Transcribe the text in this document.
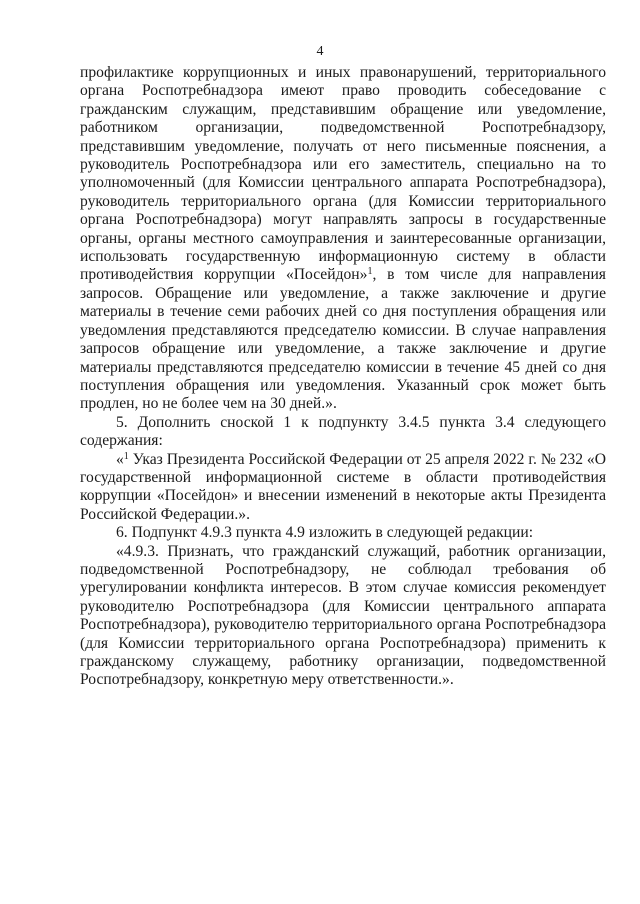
4

профилактике коррупционных и иных правонарушений, территориального органа Роспотребнадзора имеют право проводить собеседование с гражданским служащим, представившим обращение или уведомление, работником организации, подведомственной Роспотребнадзору, представившим уведомление, получать от него письменные пояснения, а руководитель Роспотребнадзора или его заместитель, специально на то уполномоченный (для Комиссии центрального аппарата Роспотребнадзора), руководитель территориального органа (для Комиссии территориального органа Роспотребнадзора) могут направлять запросы в государственные органы, органы местного самоуправления и заинтересованные организации, использовать государственную информационную систему в области противодействия коррупции «Посейдон»$^1$, в том числе для направления запросов. Обращение или уведомление, а также заключение и другие материалы в течение семи рабочих дней со дня поступления обращения или уведомления представляются председателю комиссии. В случае направления запросов обращение или уведомление, а также заключение и другие материалы представляются председателю комиссии в течение 45 дней со дня поступления обращения или уведомления. Указанный срок может быть продлен, но не более чем на 30 дней.».

5. Дополнить сноской 1 к подпункту 3.4.5 пункта 3.4 следующего содержания:

«$^1$ Указ Президента Российской Федерации от 25 апреля 2022 г. № 232 «О государственной информационной системе в области противодействия коррупции «Посейдон» и внесении изменений в некоторые акты Президента Российской Федерации.».

6. Подпункт 4.9.3 пункта 4.9 изложить в следующей редакции:

«4.9.3. Признать, что гражданский служащий, работник организации, подведомственной Роспотребнадзору, не соблюдал требования об урегулировании конфликта интересов. В этом случае комиссия рекомендует руководителю Роспотребнадзора (для Комиссии центрального аппарата Роспотребнадзора), руководителю территориального органа Роспотребнадзора (для Комиссии территориального органа Роспотребнадзора) применить к гражданскому служащему, работнику организации, подведомственной Роспотребнадзору, конкретную меру ответственности.».
